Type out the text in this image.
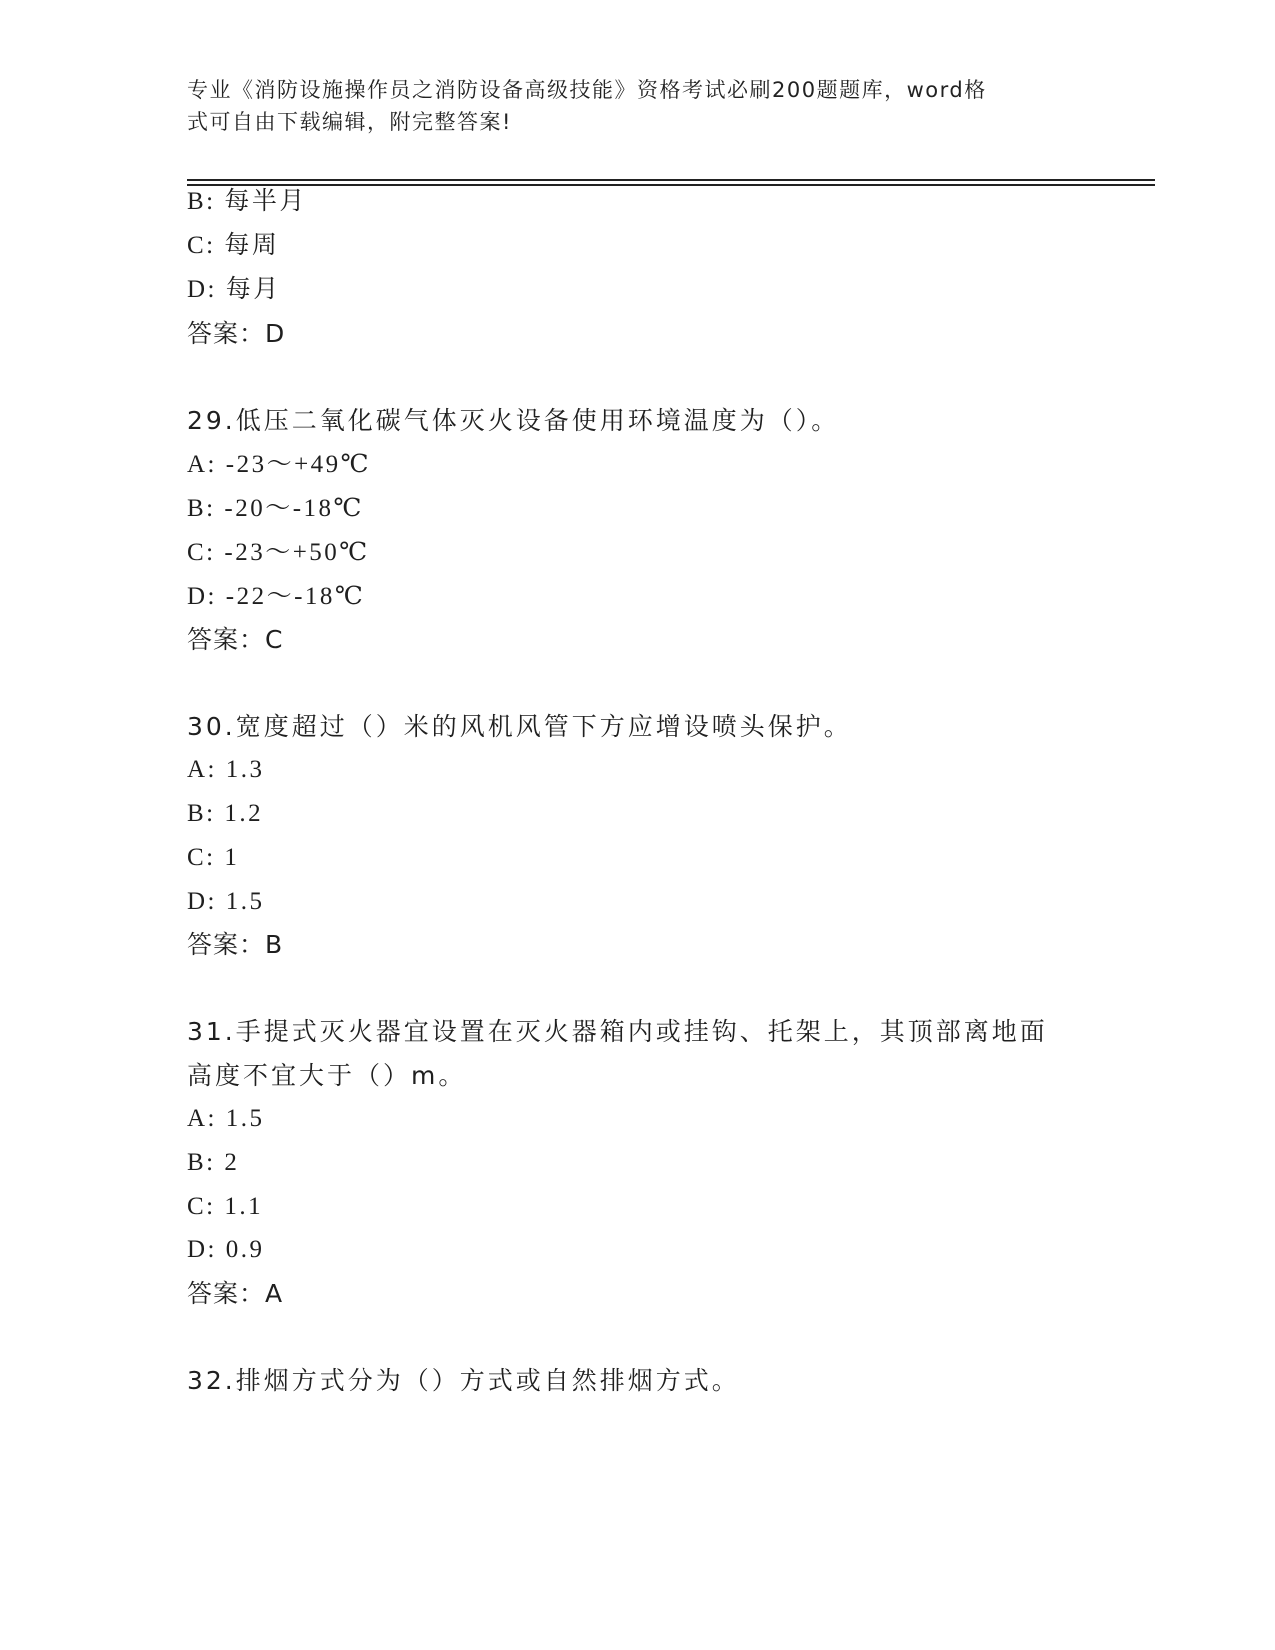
专业《消防设施操作员之消防设备高级技能》资格考试必刷200题题库，word格
式可自由下载编辑，附完整答案!
B: 每半月
C: 每周
D: 每月
答案：D
29.低压二氧化碳气体灭火设备使用环境温度为（）。
A: -23～+49℃
B: -20～-18℃
C: -23～+50℃
D: -22～-18℃
答案：C
30.宽度超过（）米的风机风管下方应增设喷头保护。
A: 1.3
B: 1.2
C: 1
D: 1.5
答案：B
31.手提式灭火器宜设置在灭火器箱内或挂钩、托架上，其顶部离地面
高度不宜大于（）m。
A: 1.5
B: 2
C: 1.1
D: 0.9
答案：A
32.排烟方式分为（）方式或自然排烟方式。
